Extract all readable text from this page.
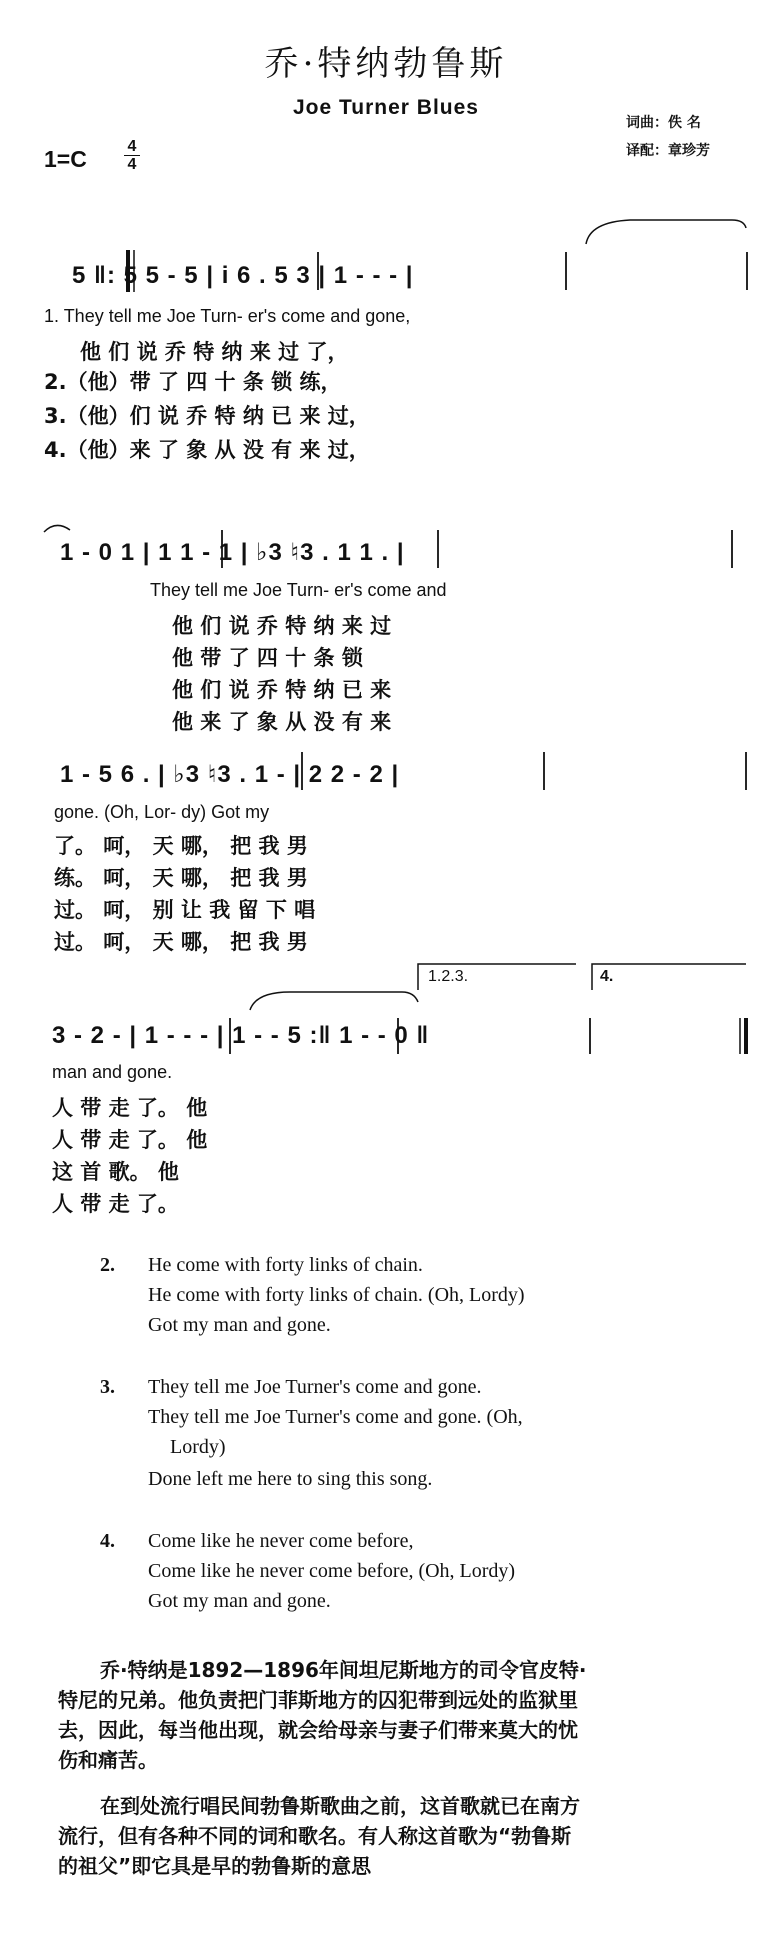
乔·特纳勃鲁斯
Joe Turner Blues
1=C	4
4
词曲：佚 名
译配：章珍芳
5 ‖: 5 5 - 5 | i 6 . 5 3 | 1 - - - |
1. They tell me Joe Turn- er's come and gone,
他 们 说 乔 特 纳 来 过 了，
2.（他）带 了 四 十 条 锁 练，
3.（他）们 说 乔 特 纳 已 来 过，
4.（他）来 了 象 从 没 有 来 过，
1 - 0 1 | 1 1 - 1 | ♭3 ♮3 . 1 1 . |
They tell me Joe Turn- er's come and
他 们 说 乔 特 纳 来 过
他 带 了 四 十 条 锁
他 们 说 乔 特 纳 已 来
他 来 了 象 从 没 有 来
1 - 5 6 . | ♭3 ♮3 . 1 - | 2 2 - 2 |
gone. (Oh, Lor- dy) Got my
了。 呵， 天 哪， 把 我 男
练。 呵， 天 哪， 把 我 男
过。 呵， 别 让 我 留 下 唱
过。 呵， 天 哪， 把 我 男
1.2.3.	4.
3 - 2 - | 1 - - - | 1 - - 5 :‖ 1 - - 0 ‖
man and gone.
人 带 走 了。 他
人 带 走 了。 他
这 首 歌。 他
人 带 走 了。
2. He come with forty links of chain.
He come with forty links of chain. (Oh, Lordy)
Got my man and gone.
3. They tell me Joe Turner's come and gone.
They tell me Joe Turner's come and gone. (Oh,
Lordy)
Done left me here to sing this song.
4. Come like he never come before,
Come like he never come before, (Oh, Lordy)
Got my man and gone.
乔·特纳是1892—1896年间坦尼斯地方的司令官皮特·
特尼的兄弟。他负责把门菲斯地方的囚犯带到远处的监狱里
去，因此，每当他出现，就会给母亲与妻子们带来莫大的忧
伤和痛苦。
在到处流行唱民间勃鲁斯歌曲之前，这首歌就已在南方
流行，但有各种不同的词和歌名。有人称这首歌为“勃鲁斯
的祖父”即它具是早的勃鲁斯的意思
